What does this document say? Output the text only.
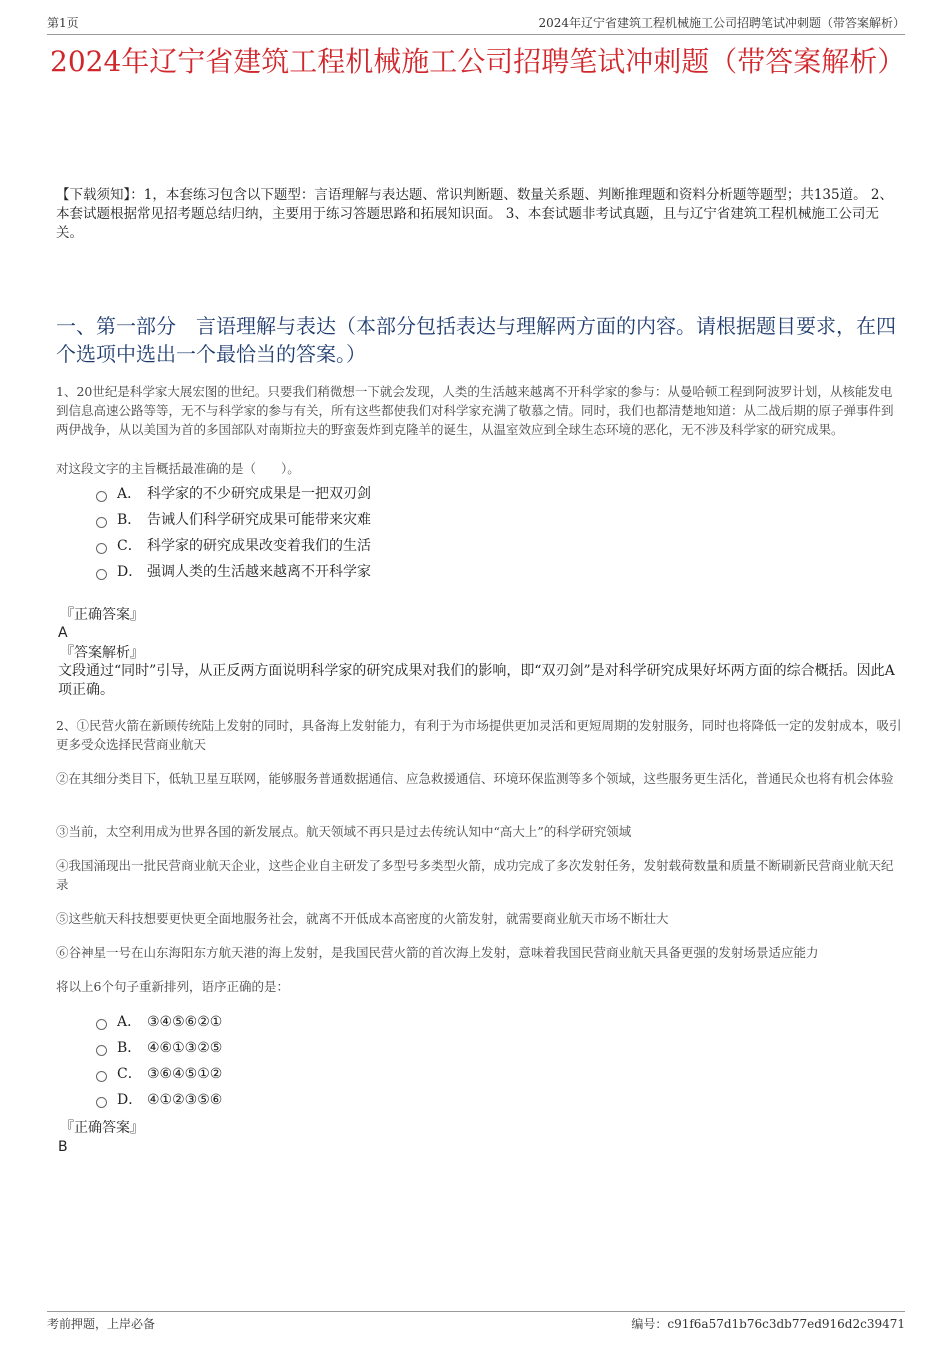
第1页	2024年辽宁省建筑工程机械施工公司招聘笔试冲刺题（带答案解析）
2024年辽宁省建筑工程机械施工公司招聘笔试冲刺题（带答案解析）
【下载须知】：1，本套练习包含以下题型：言语理解与表达题、常识判断题、数量关系题、判断推理题和资料分析题等题型；共135道。 2、本套试题根据常见招考题总结归纳，主要用于练习答题思路和拓展知识面。 3、本套试题非考试真题，且与辽宁省建筑工程机械施工公司无关。
一、第一部分　言语理解与表达（本部分包括表达与理解两方面的内容。请根据题目要求，在四个选项中选出一个最恰当的答案。）
1、20世纪是科学家大展宏图的世纪。只要我们稍微想一下就会发现，人类的生活越来越离不开科学家的参与：从曼哈顿工程到阿波罗计划，从核能发电到信息高速公路等等，无不与科学家的参与有关，所有这些都使我们对科学家充满了敬慕之情。同时，我们也都清楚地知道：从二战后期的原子弹事件到两伊战争，从以美国为首的多国部队对南斯拉夫的野蛮轰炸到克隆羊的诞生，从温室效应到全球生态环境的恶化，无不涉及科学家的研究成果。
对这段文字的主旨概括最准确的是（　　）。
A． 科学家的不少研究成果是一把双刃剑
B． 告诫人们科学研究成果可能带来灾难
C． 科学家的研究成果改变着我们的生活
D． 强调人类的生活越来越离不开科学家
『正确答案』
A
『答案解析』
文段通过“同时”引导，从正反两方面说明科学家的研究成果对我们的影响，即“双刃剑”是对科学研究成果好坏两方面的综合概括。因此A项正确。
2、①民营火箭在新顾传统陆上发射的同时，具备海上发射能力，有利于为市场提供更加灵活和更短周期的发射服务，同时也将降低一定的发射成本，吸引更多受众选择民营商业航天
②在其细分类目下，低轨卫星互联网，能够服务普通数据通信、应急救援通信、环境环保监测等多个领域，这些服务更生活化，普通民众也将有机会体验
③当前，太空利用成为世界各国的新发展点。航天领域不再只是过去传统认知中“高大上”的科学研究领域
④我国涌现出一批民营商业航天企业，这些企业自主研发了多型号多类型火箭，成功完成了多次发射任务，发射载荷数量和质量不断刷新民营商业航天纪录
⑤这些航天科技想要更快更全面地服务社会，就离不开低成本高密度的火箭发射，就需要商业航天市场不断壮大
⑥谷神星一号在山东海阳东方航天港的海上发射，是我国民营火箭的首次海上发射，意味着我国民营商业航天具备更强的发射场景适应能力
将以上6个句子重新排列，语序正确的是：
A． ③④⑤⑥②①
B． ④⑥①③②⑤
C． ③⑥④⑤①②
D． ④①②③⑤⑥
『正确答案』
B
考前押题，上岸必备	编号：c91f6a57d1b76c3db77ed916d2c39471
